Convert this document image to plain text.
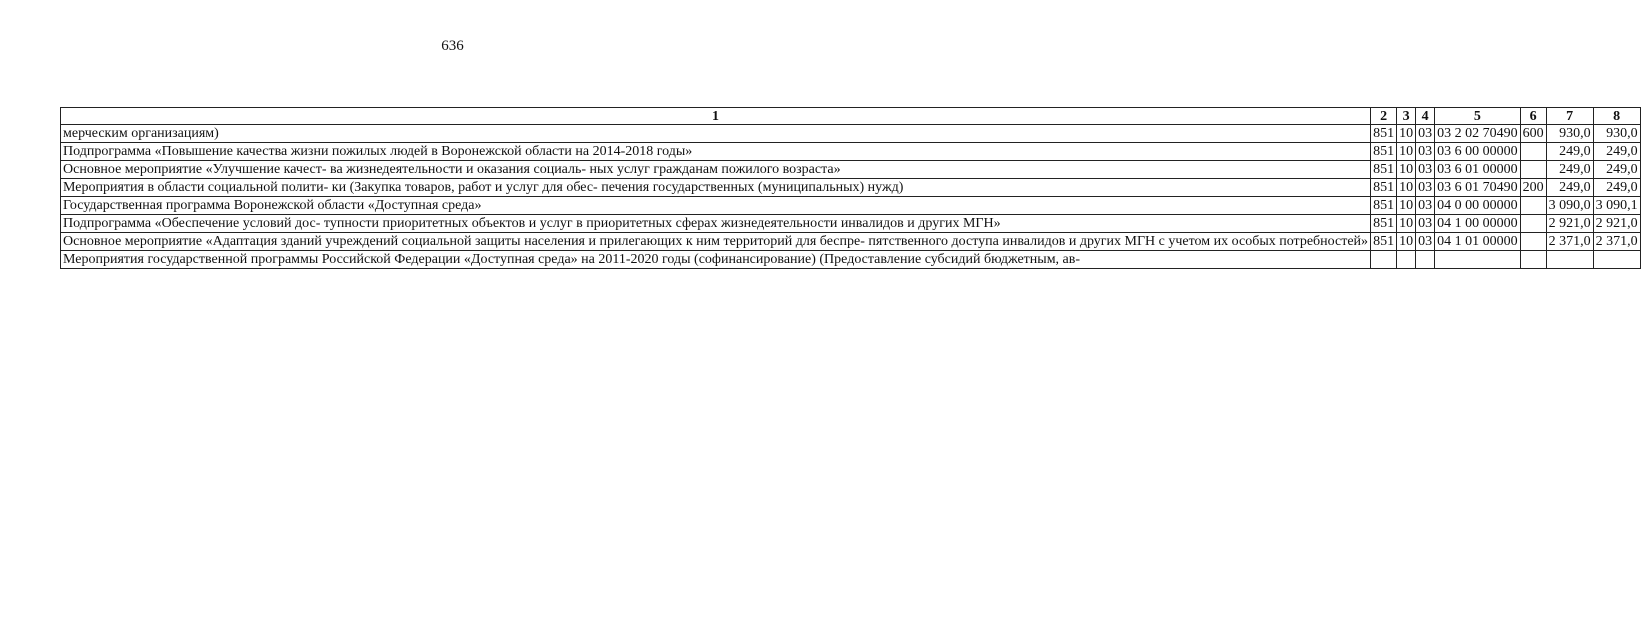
636
1	2	3	4	5	6	7	8
мерческим организациям)	851	10	03	03 2 02 70490	600	930,0	930,0
Подпрограмма «Повышение качества жизни пожилых людей в Воронежской области на 2014-2018 годы»	851	10	03	03 6 00 00000		249,0	249,0
Основное мероприятие «Улучшение качест- ва жизнедеятельности и оказания социаль- ных услуг гражданам пожилого возраста»	851	10	03	03 6 01 00000		249,0	249,0
Мероприятия в области социальной полити- ки (Закупка товаров, работ и услуг для обес- печения государственных (муниципальных) нужд)	851	10	03	03 6 01 70490	200	249,0	249,0
Государственная программа Воронежской области «Доступная среда»	851	10	03	04 0 00 00000		3 090,0	3 090,1
Подпрограмма «Обеспечение условий дос- тупности приоритетных объектов и услуг в приоритетных сферах жизнедеятельности инвалидов и других МГН»	851	10	03	04 1 00 00000		2 921,0	2 921,0
Основное мероприятие «Адаптация зданий учреждений социальной защиты населения и прилегающих к ним территорий для беспре- пятственного доступа инвалидов и других МГН с учетом их особых потребностей»	851	10	03	04 1 01 00000		2 371,0	2 371,0
Мероприятия государственной программы Российской Федерации «Доступная среда» на 2011-2020 годы (софинансирование) (Предоставление субсидий бюджетным, ав-							
